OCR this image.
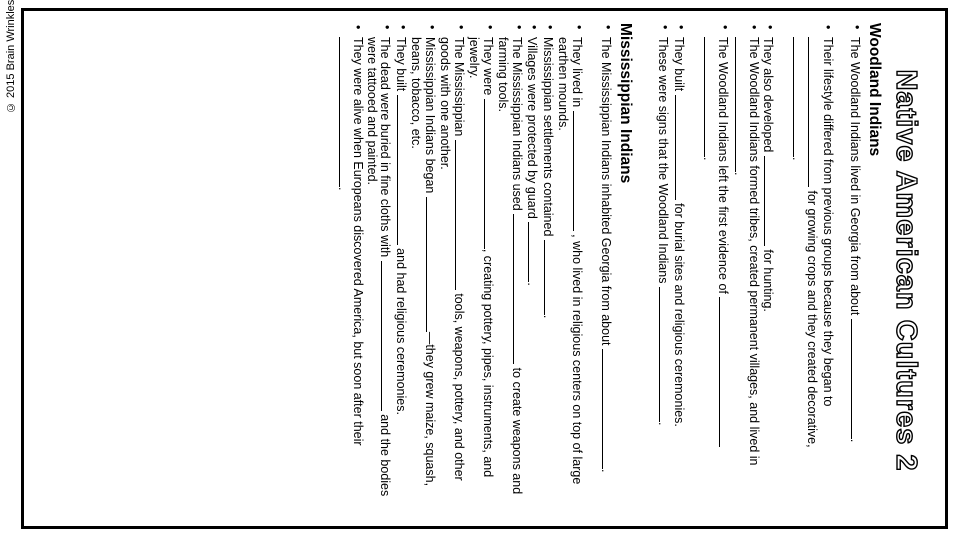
© 2015 Brain Wrinkles
Native American Cultures 2
Woodland Indians
• The Woodland Indians lived in Georgia from about .
• Their lifestyle differed from previous groups because they began to
for growing crops and they created decorative,
.
• They also developed  for hunting.
• The Woodland Indians formed tribes, created permanent villages, and lived in .
• The Woodland Indians left the first evidence of
.
• They built  for burial sites and religious ceremonies.
• These were signs that the Woodland Indians .
Mississippian Indians
• The Mississippian Indians inhabited Georgia from about .
• They lived in  , who lived in religious centers on top of large earthen mounds.
• Mississippian settlements contained .
• Villages were protected by guard .
• The Mississippian Indians used  to create weapons and farming tools.
• They were , creating pottery, pipes, instruments, and jewelry.
• The Mississippian  tools, weapons, pottery, and other goods with one another.
• Mississippian Indians began —they grew maize, squash, beans, tobacco, etc.
• They built  and had religious ceremonies.
• The dead were buried in fine cloths with  and the bodies were tattooed and painted.
• They were alive when Europeans discovered America, but soon after their
.
